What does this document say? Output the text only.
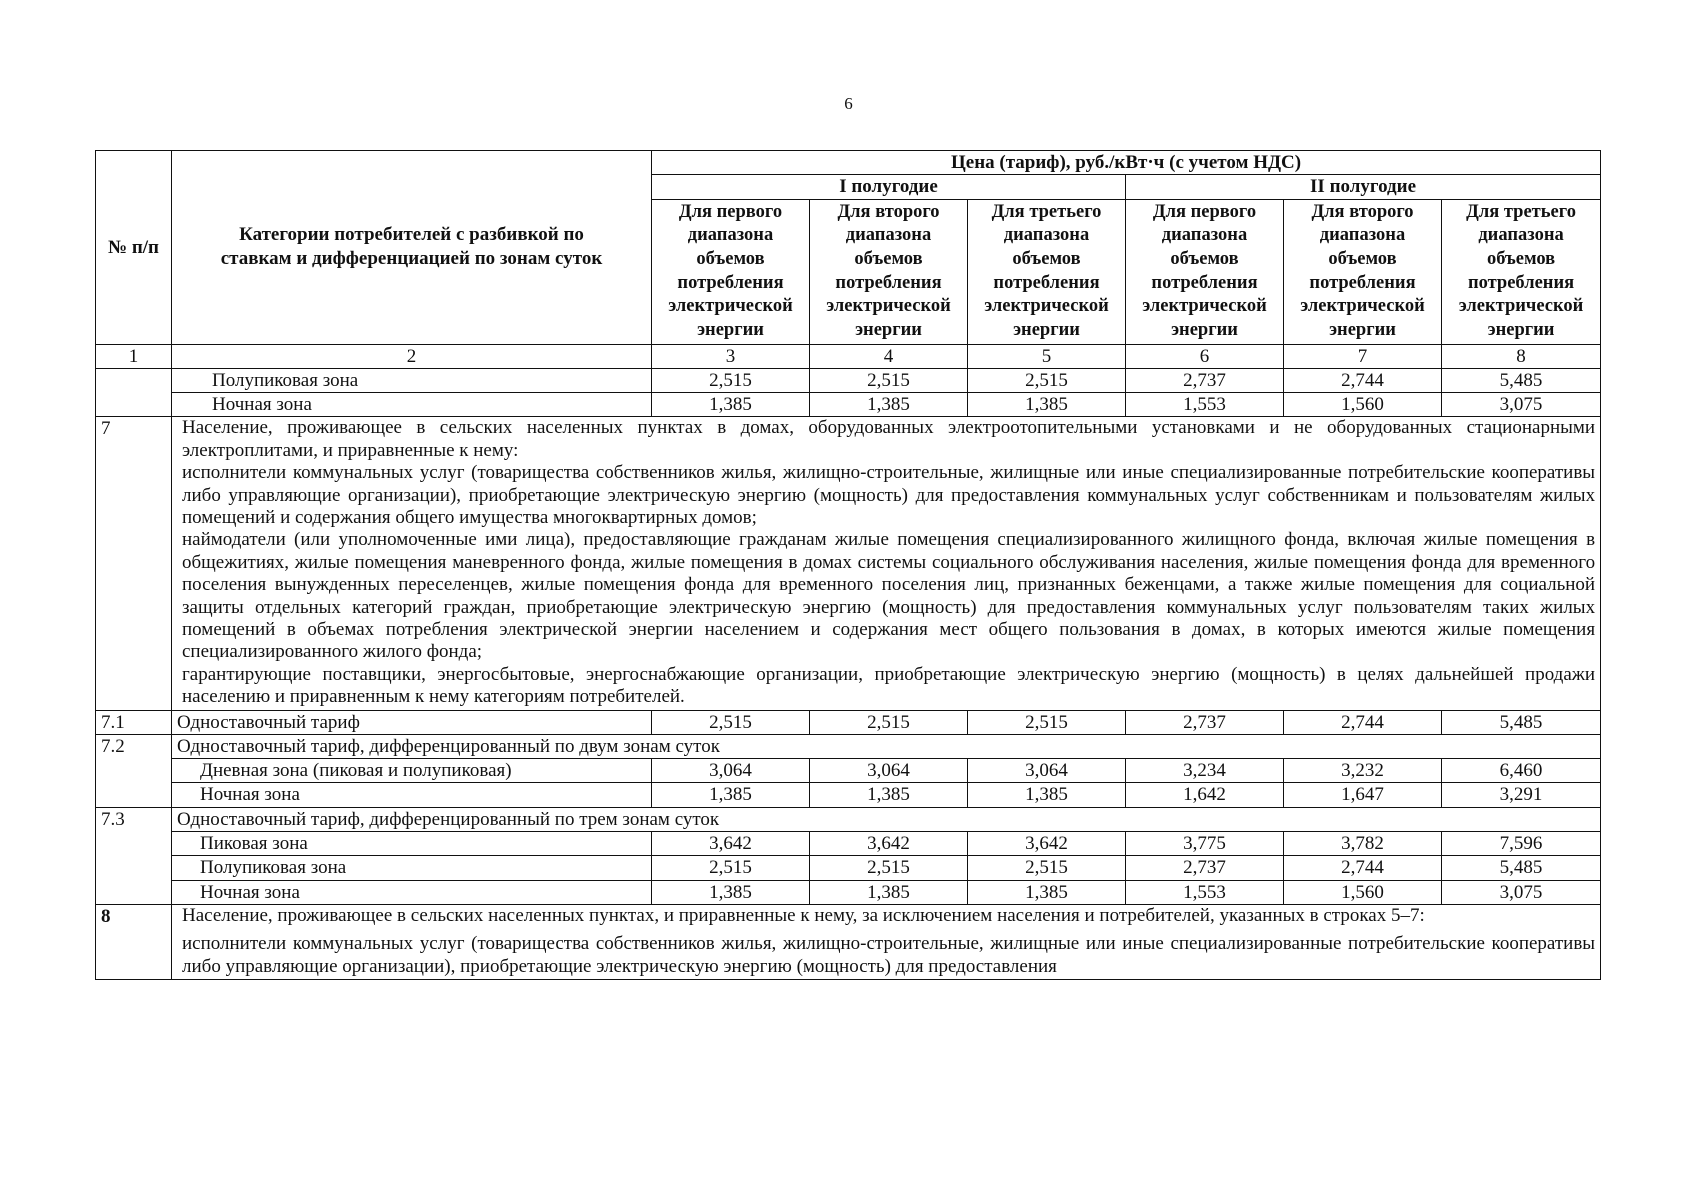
6
№ п/п	Категории потребителей с разбивкой по ставкам и дифференциацией по зонам суток	Цена (тариф), руб./кВт·ч (с учетом НДС)					
		I полугодие			II полугодие		
		Для первого диапазона объемов потребления электрической энергии	Для второго диапазона объемов потребления электрической энергии	Для третьего диапазона объемов потребления электрической энергии	Для первого диапазона объемов потребления электрической энергии	Для второго диапазона объемов потребления электрической энергии	Для третьего диапазона объемов потребления электрической энергии
1	2	3	4	5	6	7	8
	Полупиковая зона	2,515	2,515	2,515	2,737	2,744	5,485
	Ночная зона	1,385	1,385	1,385	1,553	1,560	3,075
7	Население, проживающее в сельских населенных пунктах в домах, оборудованных электроотопительными установками и не оборудованных стационарными электроплитами, и приравненные к нему:

исполнители коммунальных услуг (товарищества собственников жилья, жилищно-строительные, жилищные или иные специализированные потребительские кооперативы либо управляющие организации), приобретающие электрическую энергию (мощность) для предоставления коммунальных услуг собственникам и пользователям жилых помещений и содержания общего имущества многоквартирных домов;

наймодатели (или уполномоченные ими лица), предоставляющие гражданам жилые помещения специализированного жилищного фонда, включая жилые помещения в общежитиях, жилые помещения маневренного фонда, жилые помещения в домах системы социального обслуживания населения, жилые помещения фонда для временного поселения вынужденных переселенцев, жилые помещения фонда для временного поселения лиц, признанных беженцами, а также жилые помещения для социальной защиты отдельных категорий граждан, приобретающие электрическую энергию (мощность) для предоставления коммунальных услуг пользователям таких жилых помещений в объемах потребления электрической энергии населением и содержания мест общего пользования в домах, в которых имеются жилые помещения специализированного жилого фонда;

гарантирующие поставщики, энергосбытовые, энергоснабжающие организации, приобретающие электрическую энергию (мощность) в целях дальнейшей продажи населению и приравненным к нему категориям потребителей.						

7.1	Одноставочный тариф	2,515	2,515	2,515	2,737	2,744	5,485
7.2	Одноставочный тариф, дифференцированный по двум зонам суток						
	Дневная зона (пиковая и полупиковая)	3,064	3,064	3,064	3,234	3,232	6,460
	Ночная зона	1,385	1,385	1,385	1,642	1,647	3,291
7.3	Одноставочный тариф, дифференцированный по трем зонам суток						
	Пиковая зона	3,642	3,642	3,642	3,775	3,782	7,596
	Полупиковая зона	2,515	2,515	2,515	2,737	2,744	5,485
	Ночная зона	1,385	1,385	1,385	1,553	1,560	3,075
8	Население, проживающее в сельских населенных пунктах, и приравненные к нему, за исключением населения и потребителей, указанных в строках 5–7:

исполнители коммунальных услуг (товарищества собственников жилья, жилищно-строительные, жилищные или иные специализированные потребительские кооперативы либо управляющие организации), приобретающие электрическую энергию (мощность) для предоставления						
